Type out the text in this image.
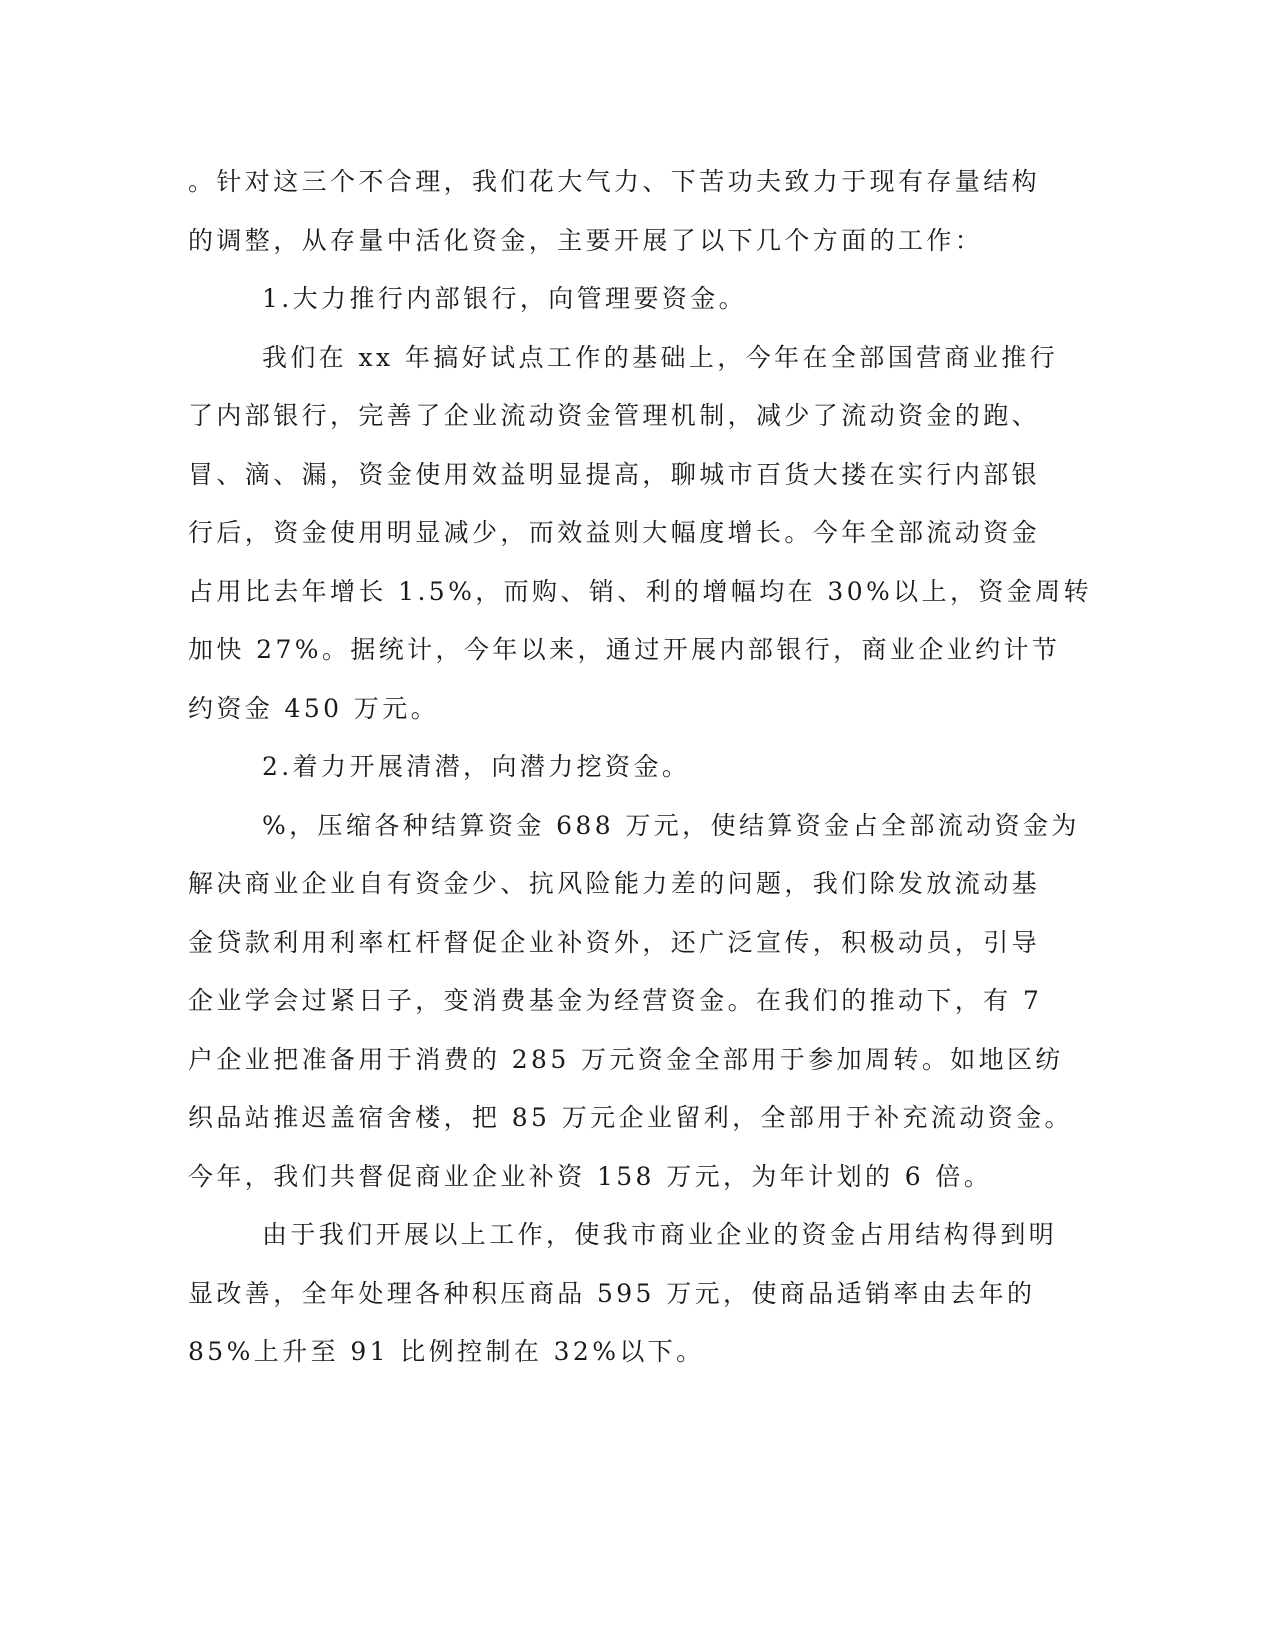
。针对这三个不合理，我们花大气力、下苦功夫致力于现有存量结构
的调整，从存量中活化资金，主要开展了以下几个方面的工作：
1.大力推行内部银行，向管理要资金。
我们在 xx 年搞好试点工作的基础上，今年在全部国营商业推行
了内部银行，完善了企业流动资金管理机制，减少了流动资金的跑、
冒、滴、漏，资金使用效益明显提高，聊城市百货大搂在实行内部银
行后，资金使用明显减少，而效益则大幅度增长。今年全部流动资金
占用比去年增长 1.5%，而购、销、利的增幅均在 30%以上，资金周转
加快 27%。据统计，今年以来，通过开展内部银行，商业企业约计节
约资金 450 万元。
2.着力开展清潜，向潜力挖资金。
%，压缩各种结算资金 688 万元，使结算资金占全部流动资金为
解决商业企业自有资金少、抗风险能力差的问题，我们除发放流动基
金贷款利用利率杠杆督促企业补资外，还广泛宣传，积极动员，引导
企业学会过紧日子，变消费基金为经营资金。在我们的推动下，有 7
户企业把准备用于消费的 285 万元资金全部用于参加周转。如地区纺
织品站推迟盖宿舍楼，把 85 万元企业留利，全部用于补充流动资金。
今年，我们共督促商业企业补资 158 万元，为年计划的 6 倍。
由于我们开展以上工作，使我市商业企业的资金占用结构得到明
显改善，全年处理各种积压商品 595 万元，使商品适销率由去年的
85%上升至 91 比例控制在 32%以下。
